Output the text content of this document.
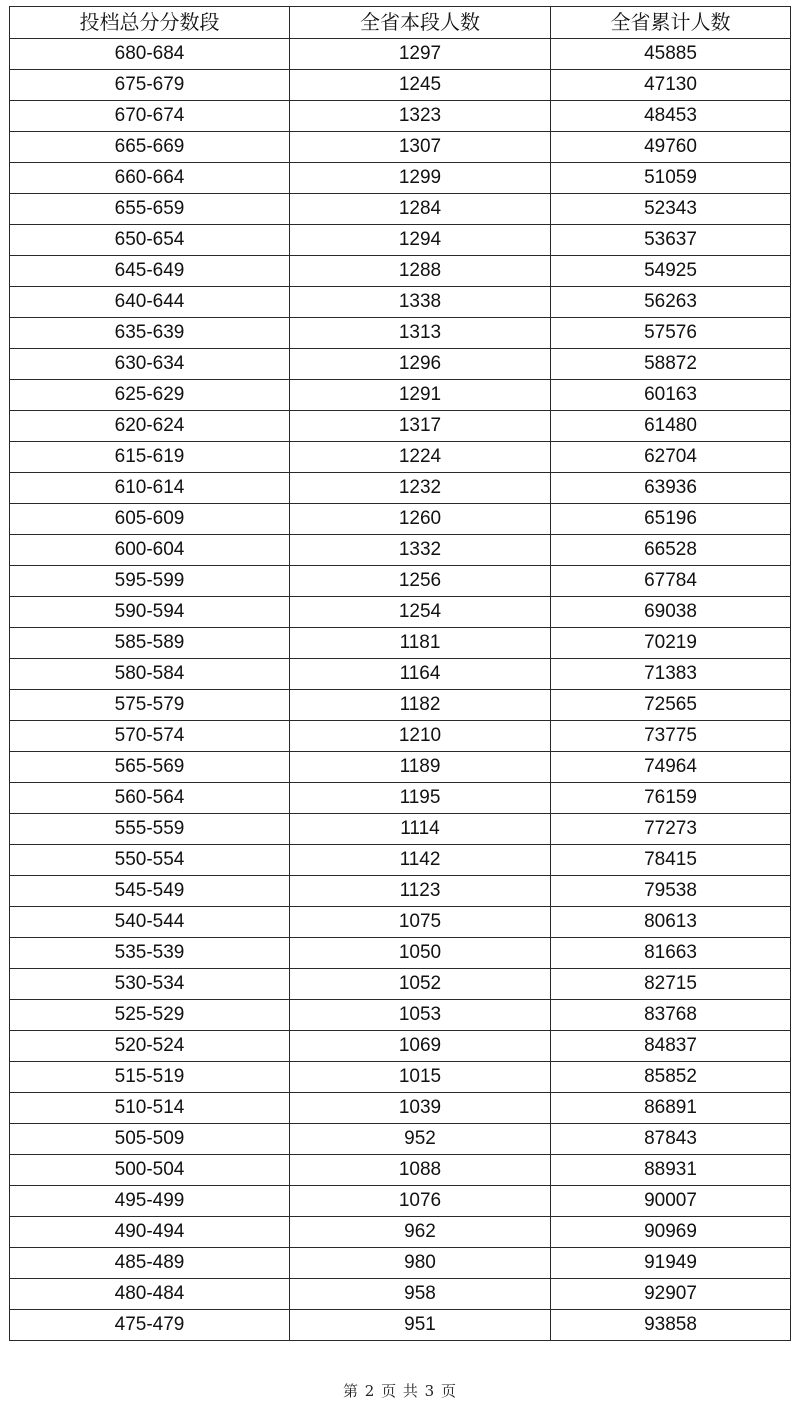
投档总分分数段	全省本段人数	全省累计人数
680-684	1297	45885
675-679	1245	47130
670-674	1323	48453
665-669	1307	49760
660-664	1299	51059
655-659	1284	52343
650-654	1294	53637
645-649	1288	54925
640-644	1338	56263
635-639	1313	57576
630-634	1296	58872
625-629	1291	60163
620-624	1317	61480
615-619	1224	62704
610-614	1232	63936
605-609	1260	65196
600-604	1332	66528
595-599	1256	67784
590-594	1254	69038
585-589	1181	70219
580-584	1164	71383
575-579	1182	72565
570-574	1210	73775
565-569	1189	74964
560-564	1195	76159
555-559	1114	77273
550-554	1142	78415
545-549	1123	79538
540-544	1075	80613
535-539	1050	81663
530-534	1052	82715
525-529	1053	83768
520-524	1069	84837
515-519	1015	85852
510-514	1039	86891
505-509	952	87843
500-504	1088	88931
495-499	1076	90007
490-494	962	90969
485-489	980	91949
480-484	958	92907
475-479	951	93858
第 2 页 共 3 页
